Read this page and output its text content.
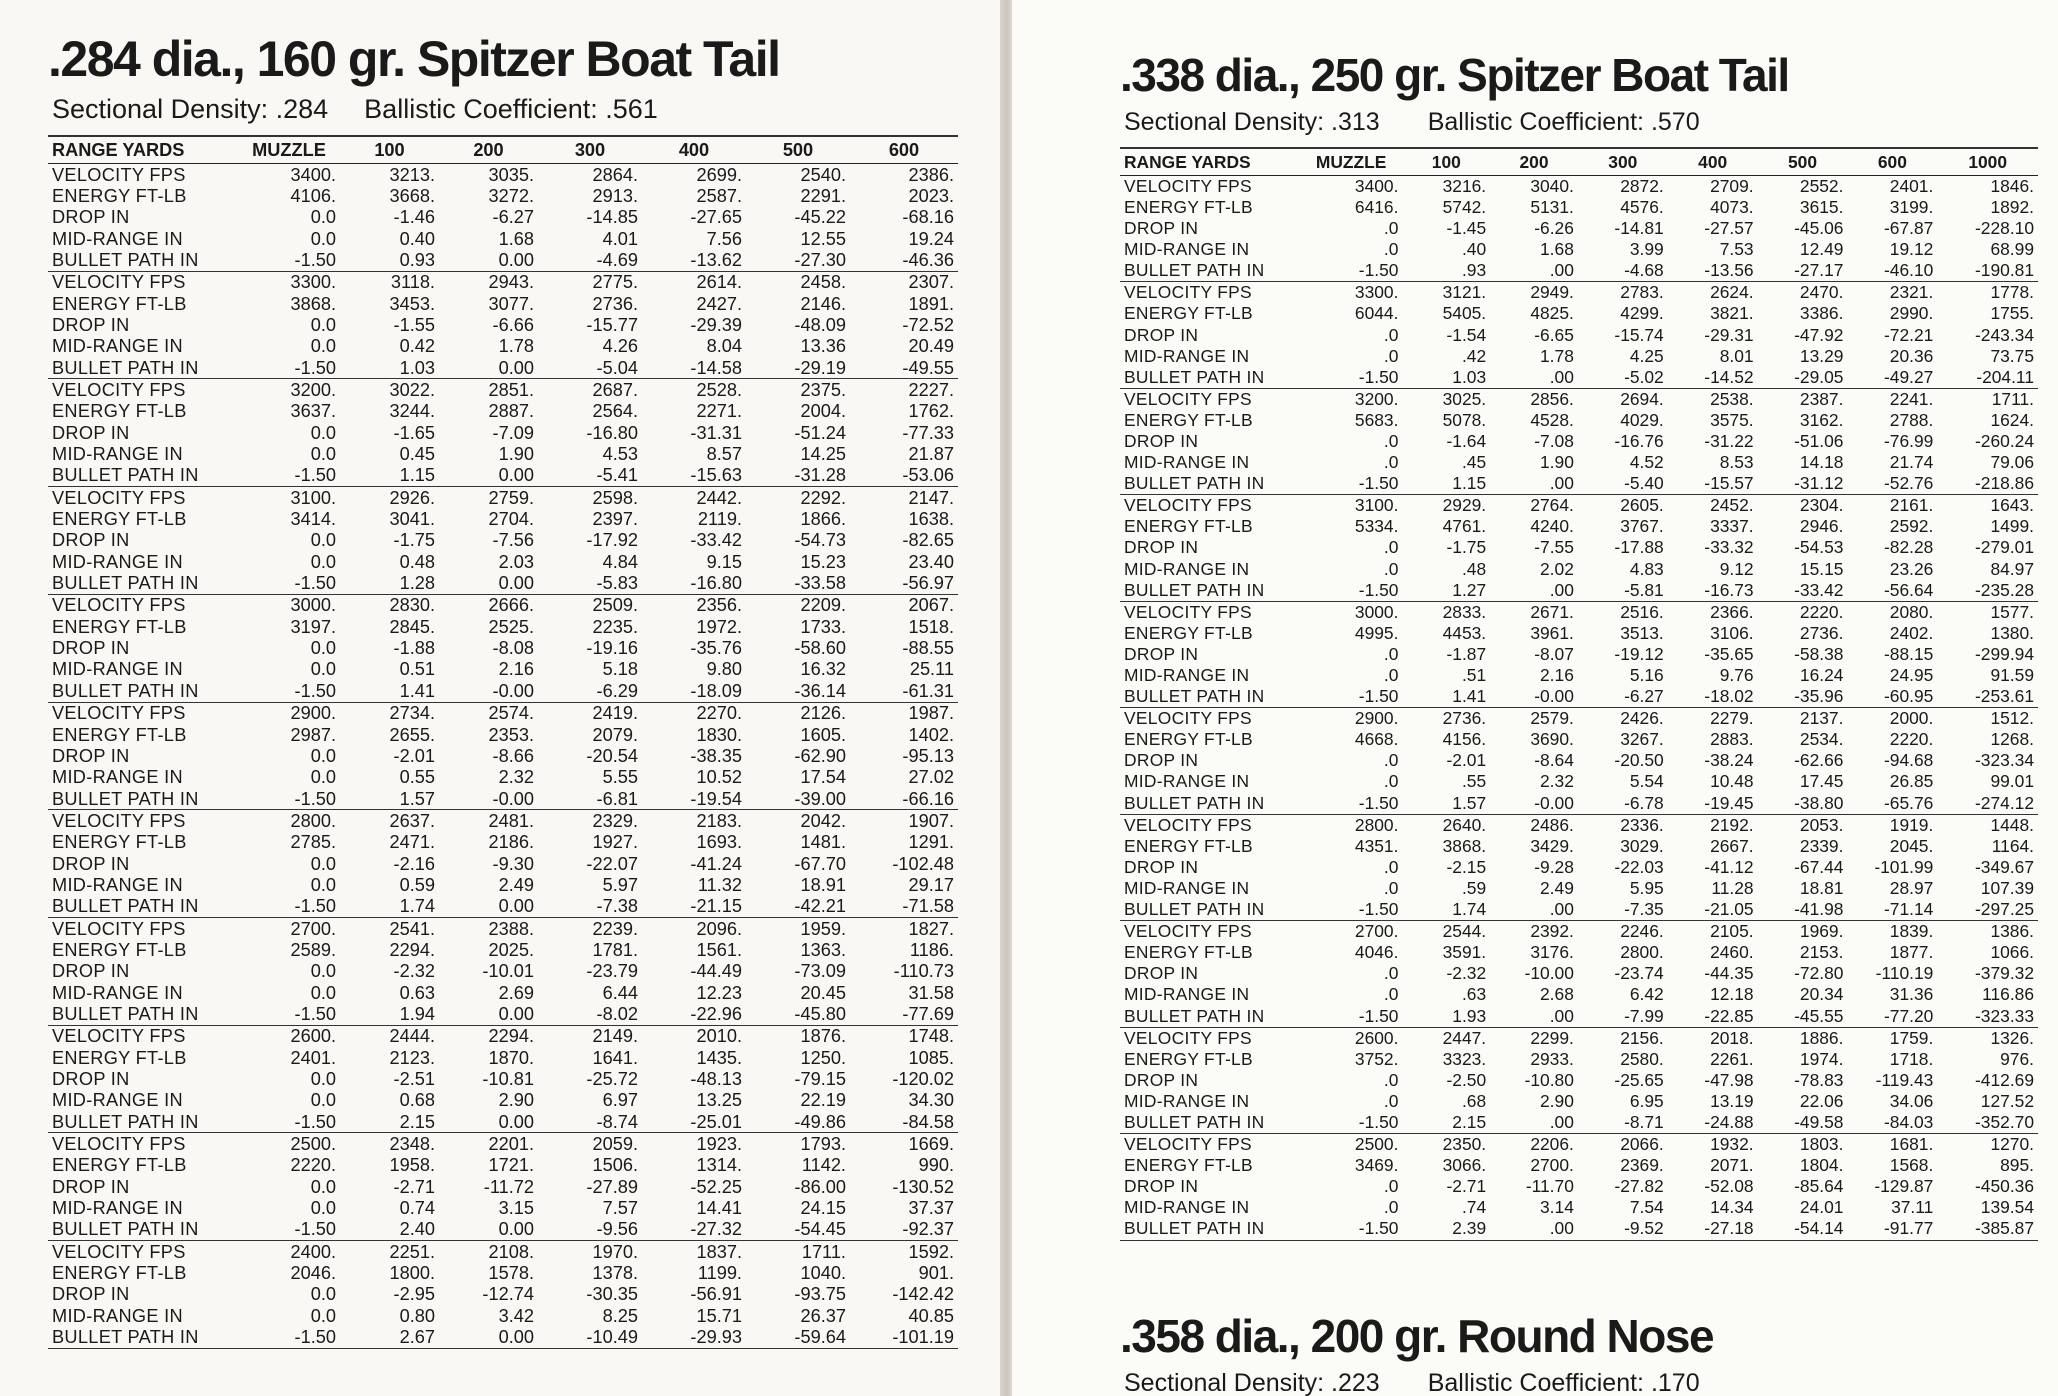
.284 dia., 160 gr. Spitzer Boat Tail
Sectional Density: .284 Ballistic Coefficient: .561
RANGE YARDS	MUZZLE	100	200	300	400	500	600
VELOCITY FPS	3400.	3213.	3035.	2864.	2699.	2540.	2386.
ENERGY FT-LB	4106.	3668.	3272.	2913.	2587.	2291.	2023.
DROP IN	0.0	-1.46	-6.27	-14.85	-27.65	-45.22	-68.16
MID-RANGE IN	0.0	0.40	1.68	4.01	7.56	12.55	19.24
BULLET PATH IN	-1.50	0.93	0.00	-4.69	-13.62	-27.30	-46.36
VELOCITY FPS	3300.	3118.	2943.	2775.	2614.	2458.	2307.
ENERGY FT-LB	3868.	3453.	3077.	2736.	2427.	2146.	1891.
DROP IN	0.0	-1.55	-6.66	-15.77	-29.39	-48.09	-72.52
MID-RANGE IN	0.0	0.42	1.78	4.26	8.04	13.36	20.49
BULLET PATH IN	-1.50	1.03	0.00	-5.04	-14.58	-29.19	-49.55
VELOCITY FPS	3200.	3022.	2851.	2687.	2528.	2375.	2227.
ENERGY FT-LB	3637.	3244.	2887.	2564.	2271.	2004.	1762.
DROP IN	0.0	-1.65	-7.09	-16.80	-31.31	-51.24	-77.33
MID-RANGE IN	0.0	0.45	1.90	4.53	8.57	14.25	21.87
BULLET PATH IN	-1.50	1.15	0.00	-5.41	-15.63	-31.28	-53.06
VELOCITY FPS	3100.	2926.	2759.	2598.	2442.	2292.	2147.
ENERGY FT-LB	3414.	3041.	2704.	2397.	2119.	1866.	1638.
DROP IN	0.0	-1.75	-7.56	-17.92	-33.42	-54.73	-82.65
MID-RANGE IN	0.0	0.48	2.03	4.84	9.15	15.23	23.40
BULLET PATH IN	-1.50	1.28	0.00	-5.83	-16.80	-33.58	-56.97
VELOCITY FPS	3000.	2830.	2666.	2509.	2356.	2209.	2067.
ENERGY FT-LB	3197.	2845.	2525.	2235.	1972.	1733.	1518.
DROP IN	0.0	-1.88	-8.08	-19.16	-35.76	-58.60	-88.55
MID-RANGE IN	0.0	0.51	2.16	5.18	9.80	16.32	25.11
BULLET PATH IN	-1.50	1.41	-0.00	-6.29	-18.09	-36.14	-61.31
VELOCITY FPS	2900.	2734.	2574.	2419.	2270.	2126.	1987.
ENERGY FT-LB	2987.	2655.	2353.	2079.	1830.	1605.	1402.
DROP IN	0.0	-2.01	-8.66	-20.54	-38.35	-62.90	-95.13
MID-RANGE IN	0.0	0.55	2.32	5.55	10.52	17.54	27.02
BULLET PATH IN	-1.50	1.57	-0.00	-6.81	-19.54	-39.00	-66.16
VELOCITY FPS	2800.	2637.	2481.	2329.	2183.	2042.	1907.
ENERGY FT-LB	2785.	2471.	2186.	1927.	1693.	1481.	1291.
DROP IN	0.0	-2.16	-9.30	-22.07	-41.24	-67.70	-102.48
MID-RANGE IN	0.0	0.59	2.49	5.97	11.32	18.91	29.17
BULLET PATH IN	-1.50	1.74	0.00	-7.38	-21.15	-42.21	-71.58
VELOCITY FPS	2700.	2541.	2388.	2239.	2096.	1959.	1827.
ENERGY FT-LB	2589.	2294.	2025.	1781.	1561.	1363.	1186.
DROP IN	0.0	-2.32	-10.01	-23.79	-44.49	-73.09	-110.73
MID-RANGE IN	0.0	0.63	2.69	6.44	12.23	20.45	31.58
BULLET PATH IN	-1.50	1.94	0.00	-8.02	-22.96	-45.80	-77.69
VELOCITY FPS	2600.	2444.	2294.	2149.	2010.	1876.	1748.
ENERGY FT-LB	2401.	2123.	1870.	1641.	1435.	1250.	1085.
DROP IN	0.0	-2.51	-10.81	-25.72	-48.13	-79.15	-120.02
MID-RANGE IN	0.0	0.68	2.90	6.97	13.25	22.19	34.30
BULLET PATH IN	-1.50	2.15	0.00	-8.74	-25.01	-49.86	-84.58
VELOCITY FPS	2500.	2348.	2201.	2059.	1923.	1793.	1669.
ENERGY FT-LB	2220.	1958.	1721.	1506.	1314.	1142.	990.
DROP IN	0.0	-2.71	-11.72	-27.89	-52.25	-86.00	-130.52
MID-RANGE IN	0.0	0.74	3.15	7.57	14.41	24.15	37.37
BULLET PATH IN	-1.50	2.40	0.00	-9.56	-27.32	-54.45	-92.37
VELOCITY FPS	2400.	2251.	2108.	1970.	1837.	1711.	1592.
ENERGY FT-LB	2046.	1800.	1578.	1378.	1199.	1040.	901.
DROP IN	0.0	-2.95	-12.74	-30.35	-56.91	-93.75	-142.42
MID-RANGE IN	0.0	0.80	3.42	8.25	15.71	26.37	40.85
BULLET PATH IN	-1.50	2.67	0.00	-10.49	-29.93	-59.64	-101.19
.338 dia., 250 gr. Spitzer Boat Tail
Sectional Density: .313 Ballistic Coefficient: .570
RANGE YARDS	MUZZLE	100	200	300	400	500	600	1000
VELOCITY FPS	3400.	3216.	3040.	2872.	2709.	2552.	2401.	1846.
ENERGY FT-LB	6416.	5742.	5131.	4576.	4073.	3615.	3199.	1892.
DROP IN	.0	-1.45	-6.26	-14.81	-27.57	-45.06	-67.87	-228.10
MID-RANGE IN	.0	.40	1.68	3.99	7.53	12.49	19.12	68.99
BULLET PATH IN	-1.50	.93	.00	-4.68	-13.56	-27.17	-46.10	-190.81
VELOCITY FPS	3300.	3121.	2949.	2783.	2624.	2470.	2321.	1778.
ENERGY FT-LB	6044.	5405.	4825.	4299.	3821.	3386.	2990.	1755.
DROP IN	.0	-1.54	-6.65	-15.74	-29.31	-47.92	-72.21	-243.34
MID-RANGE IN	.0	.42	1.78	4.25	8.01	13.29	20.36	73.75
BULLET PATH IN	-1.50	1.03	.00	-5.02	-14.52	-29.05	-49.27	-204.11
VELOCITY FPS	3200.	3025.	2856.	2694.	2538.	2387.	2241.	1711.
ENERGY FT-LB	5683.	5078.	4528.	4029.	3575.	3162.	2788.	1624.
DROP IN	.0	-1.64	-7.08	-16.76	-31.22	-51.06	-76.99	-260.24
MID-RANGE IN	.0	.45	1.90	4.52	8.53	14.18	21.74	79.06
BULLET PATH IN	-1.50	1.15	.00	-5.40	-15.57	-31.12	-52.76	-218.86
VELOCITY FPS	3100.	2929.	2764.	2605.	2452.	2304.	2161.	1643.
ENERGY FT-LB	5334.	4761.	4240.	3767.	3337.	2946.	2592.	1499.
DROP IN	.0	-1.75	-7.55	-17.88	-33.32	-54.53	-82.28	-279.01
MID-RANGE IN	.0	.48	2.02	4.83	9.12	15.15	23.26	84.97
BULLET PATH IN	-1.50	1.27	.00	-5.81	-16.73	-33.42	-56.64	-235.28
VELOCITY FPS	3000.	2833.	2671.	2516.	2366.	2220.	2080.	1577.
ENERGY FT-LB	4995.	4453.	3961.	3513.	3106.	2736.	2402.	1380.
DROP IN	.0	-1.87	-8.07	-19.12	-35.65	-58.38	-88.15	-299.94
MID-RANGE IN	.0	.51	2.16	5.16	9.76	16.24	24.95	91.59
BULLET PATH IN	-1.50	1.41	-0.00	-6.27	-18.02	-35.96	-60.95	-253.61
VELOCITY FPS	2900.	2736.	2579.	2426.	2279.	2137.	2000.	1512.
ENERGY FT-LB	4668.	4156.	3690.	3267.	2883.	2534.	2220.	1268.
DROP IN	.0	-2.01	-8.64	-20.50	-38.24	-62.66	-94.68	-323.34
MID-RANGE IN	.0	.55	2.32	5.54	10.48	17.45	26.85	99.01
BULLET PATH IN	-1.50	1.57	-0.00	-6.78	-19.45	-38.80	-65.76	-274.12
VELOCITY FPS	2800.	2640.	2486.	2336.	2192.	2053.	1919.	1448.
ENERGY FT-LB	4351.	3868.	3429.	3029.	2667.	2339.	2045.	1164.
DROP IN	.0	-2.15	-9.28	-22.03	-41.12	-67.44	-101.99	-349.67
MID-RANGE IN	.0	.59	2.49	5.95	11.28	18.81	28.97	107.39
BULLET PATH IN	-1.50	1.74	.00	-7.35	-21.05	-41.98	-71.14	-297.25
VELOCITY FPS	2700.	2544.	2392.	2246.	2105.	1969.	1839.	1386.
ENERGY FT-LB	4046.	3591.	3176.	2800.	2460.	2153.	1877.	1066.
DROP IN	.0	-2.32	-10.00	-23.74	-44.35	-72.80	-110.19	-379.32
MID-RANGE IN	.0	.63	2.68	6.42	12.18	20.34	31.36	116.86
BULLET PATH IN	-1.50	1.93	.00	-7.99	-22.85	-45.55	-77.20	-323.33
VELOCITY FPS	2600.	2447.	2299.	2156.	2018.	1886.	1759.	1326.
ENERGY FT-LB	3752.	3323.	2933.	2580.	2261.	1974.	1718.	976.
DROP IN	.0	-2.50	-10.80	-25.65	-47.98	-78.83	-119.43	-412.69
MID-RANGE IN	.0	.68	2.90	6.95	13.19	22.06	34.06	127.52
BULLET PATH IN	-1.50	2.15	.00	-8.71	-24.88	-49.58	-84.03	-352.70
VELOCITY FPS	2500.	2350.	2206.	2066.	1932.	1803.	1681.	1270.
ENERGY FT-LB	3469.	3066.	2700.	2369.	2071.	1804.	1568.	895.
DROP IN	.0	-2.71	-11.70	-27.82	-52.08	-85.64	-129.87	-450.36
MID-RANGE IN	.0	.74	3.14	7.54	14.34	24.01	37.11	139.54
BULLET PATH IN	-1.50	2.39	.00	-9.52	-27.18	-54.14	-91.77	-385.87
.358 dia., 200 gr. Round Nose
Sectional Density: .223 Ballistic Coefficient: .170
